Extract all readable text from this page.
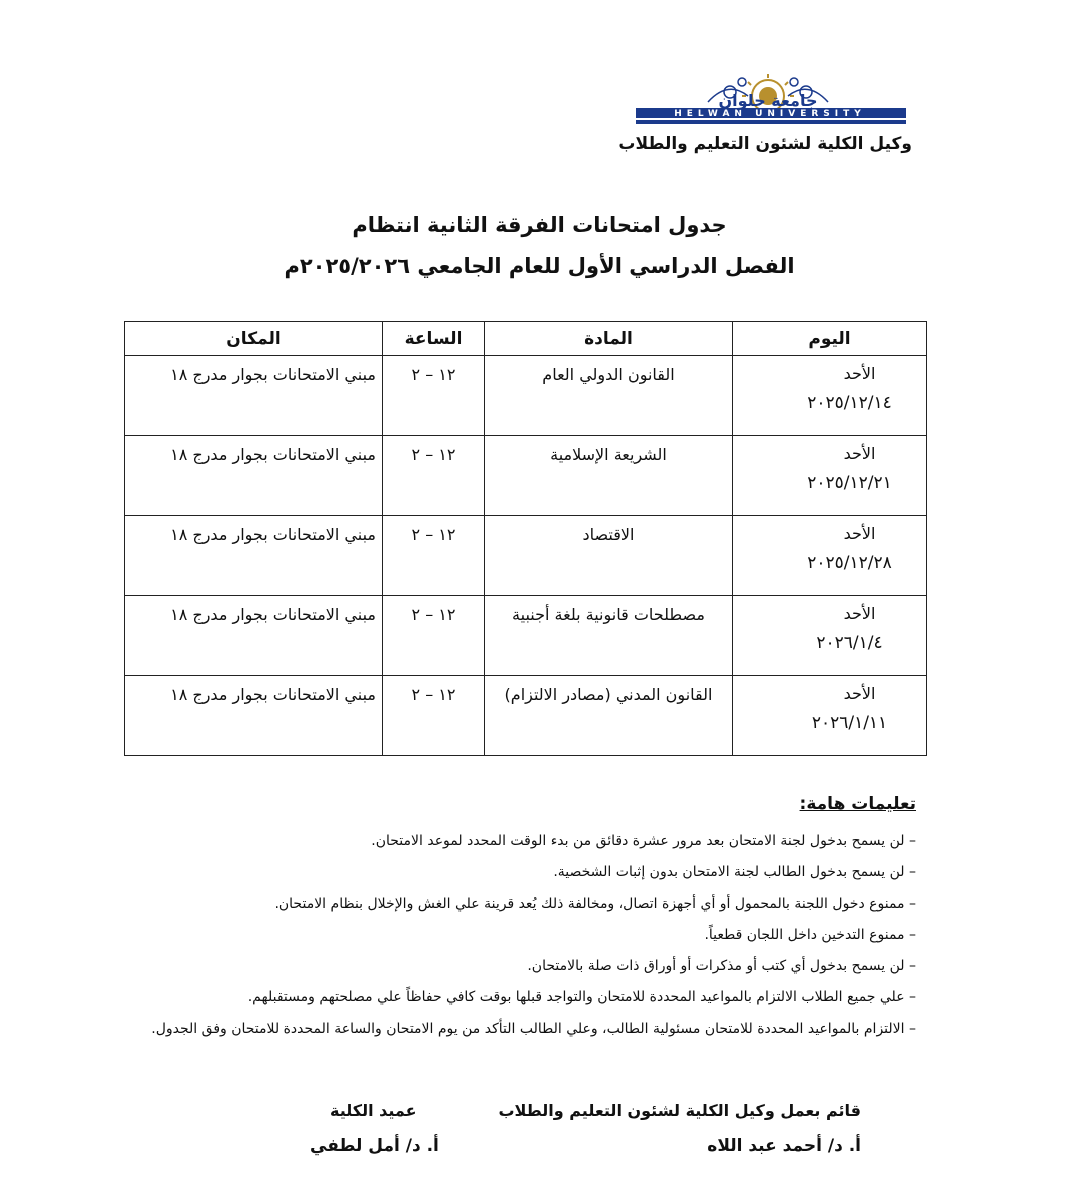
HELWAN UNIVERSITY
جامعة حلوان
وكيل الكلية لشئون التعليم والطلاب
جدول امتحانات الفرقة الثانية انتظام
الفصل الدراسي الأول للعام الجامعي ٢٠٢٥/٢٠٢٦م
اليوم	المادة	الساعة	المكان

الأحد
٢٠٢٥/١٢/١٤	القانون الدولي العام	١٢ – ٢	مبني الامتحانات بجوار مدرج ١٨

الأحد
٢٠٢٥/١٢/٢١	الشريعة الإسلامية	١٢ – ٢	مبني الامتحانات بجوار مدرج ١٨

الأحد
٢٠٢٥/١٢/٢٨	الاقتصاد	١٢ – ٢	مبني الامتحانات بجوار مدرج ١٨

الأحد
٢٠٢٦/١/٤	مصطلحات قانونية بلغة أجنبية	١٢ – ٢	مبني الامتحانات بجوار مدرج ١٨

الأحد
٢٠٢٦/١/١١	القانون المدني (مصادر الالتزام)	١٢ – ٢	مبني الامتحانات بجوار مدرج ١٨
تعليمات هامة:
– لن يسمح بدخول لجنة الامتحان بعد مرور عشرة دقائق من بدء الوقت المحدد لموعد الامتحان.
– لن يسمح بدخول الطالب لجنة الامتحان بدون إثبات الشخصية.
– ممنوع دخول اللجنة بالمحمول أو أي أجهزة اتصال، ومخالفة ذلك يُعد قرينة علي الغش والإخلال بنظام الامتحان.
– ممنوع التدخين داخل اللجان قطعياً.
– لن يسمح بدخول أي كتب أو مذكرات أو أوراق ذات صلة بالامتحان.
– علي جميع الطلاب الالتزام بالمواعيد المحددة للامتحان والتواجد قبلها بوقت كافي حفاظاً علي مصلحتهم ومستقبلهم.
– الالتزام بالمواعيد المحددة للامتحان مسئولية الطالب، وعلي الطالب التأكد من يوم الامتحان والساعة المحددة للامتحان وفق الجدول.
قائم بعمل وكيل الكلية لشئون التعليم والطلاب
أ. د/ أحمد عبد اللاه
عميد الكلية
أ. د/ أمل لطفي
